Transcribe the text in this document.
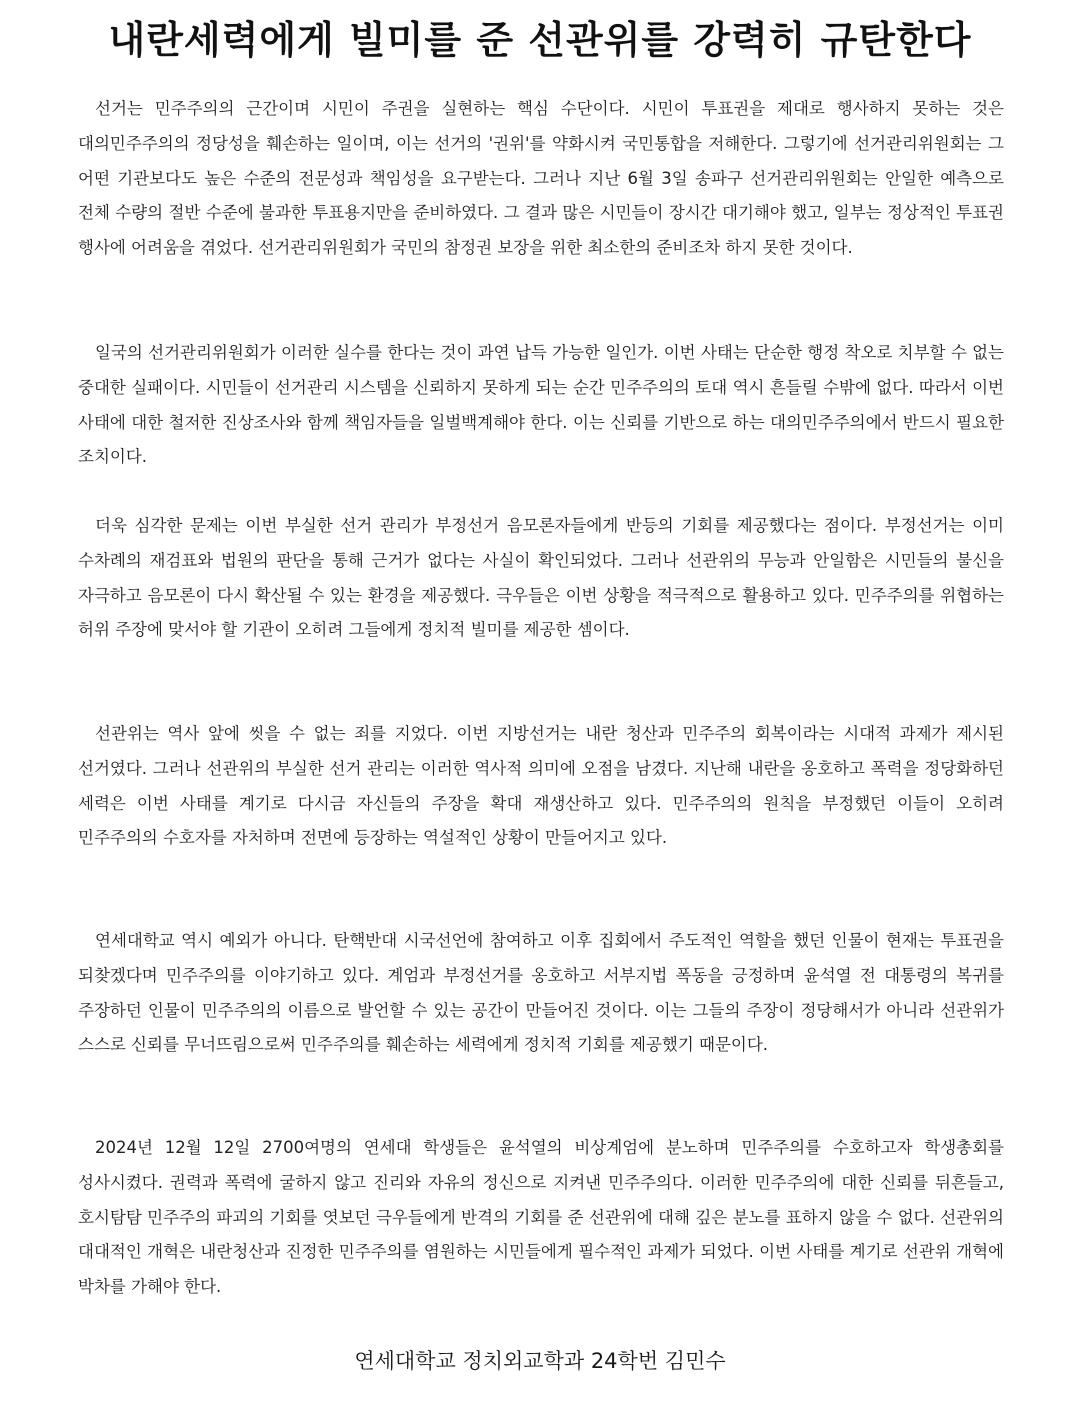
내란세력에게 빌미를 준 선관위를 강력히 규탄한다

선거는 민주주의의 근간이며 시민이 주권을 실현하는 핵심 수단이다. 시민이 투표권을 제대로 행사하지 못하는 것은 대의민주주의의 정당성을 훼손하는 일이며, 이는 선거의 '권위'를 약화시켜 국민통합을 저해한다. 그렇기에 선거관리위원회는 그 어떤 기관보다도 높은 수준의 전문성과 책임성을 요구받는다. 그러나 지난 6월 3일 송파구 선거관리위원회는 안일한 예측으로 전체 수량의 절반 수준에 불과한 투표용지만을 준비하였다. 그 결과 많은 시민들이 장시간 대기해야 했고, 일부는 정상적인 투표권 행사에 어려움을 겪었다. 선거관리위원회가 국민의 참정권 보장을 위한 최소한의 준비조차 하지 못한 것이다.

일국의 선거관리위원회가 이러한 실수를 한다는 것이 과연 납득 가능한 일인가. 이번 사태는 단순한 행정 착오로 치부할 수 없는 중대한 실패이다. 시민들이 선거관리 시스템을 신뢰하지 못하게 되는 순간 민주주의의 토대 역시 흔들릴 수밖에 없다. 따라서 이번 사태에 대한 철저한 진상조사와 함께 책임자들을 일벌백계해야 한다. 이는 신뢰를 기반으로 하는 대의민주주의에서 반드시 필요한 조치이다.

더욱 심각한 문제는 이번 부실한 선거 관리가 부정선거 음모론자들에게 반등의 기회를 제공했다는 점이다. 부정선거는 이미 수차례의 재검표와 법원의 판단을 통해 근거가 없다는 사실이 확인되었다. 그러나 선관위의 무능과 안일함은 시민들의 불신을 자극하고 음모론이 다시 확산될 수 있는 환경을 제공했다. 극우들은 이번 상황을 적극적으로 활용하고 있다. 민주주의를 위협하는 허위 주장에 맞서야 할 기관이 오히려 그들에게 정치적 빌미를 제공한 셈이다.

선관위는 역사 앞에 씻을 수 없는 죄를 지었다. 이번 지방선거는 내란 청산과 민주주의 회복이라는 시대적 과제가 제시된 선거였다. 그러나 선관위의 부실한 선거 관리는 이러한 역사적 의미에 오점을 남겼다. 지난해 내란을 옹호하고 폭력을 정당화하던 세력은 이번 사태를 계기로 다시금 자신들의 주장을 확대 재생산하고 있다. 민주주의의 원칙을 부정했던 이들이 오히려 민주주의의 수호자를 자처하며 전면에 등장하는 역설적인 상황이 만들어지고 있다.

연세대학교 역시 예외가 아니다. 탄핵반대 시국선언에 참여하고 이후 집회에서 주도적인 역할을 했던 인물이 현재는 투표권을 되찾겠다며 민주주의를 이야기하고 있다. 계엄과 부정선거를 옹호하고 서부지법 폭동을 긍정하며 윤석열 전 대통령의 복귀를 주장하던 인물이 민주주의의 이름으로 발언할 수 있는 공간이 만들어진 것이다. 이는 그들의 주장이 정당해서가 아니라 선관위가 스스로 신뢰를 무너뜨림으로써 민주주의를 훼손하는 세력에게 정치적 기회를 제공했기 때문이다.

2024년 12월 12일 2700여명의 연세대 학생들은 윤석열의 비상계엄에 분노하며 민주주의를 수호하고자 학생총회를 성사시켰다. 권력과 폭력에 굴하지 않고 진리와 자유의 정신으로 지켜낸 민주주의다. 이러한 민주주의에 대한 신뢰를 뒤흔들고, 호시탐탐 민주주의 파괴의 기회를 엿보던 극우들에게 반격의 기회를 준 선관위에 대해 깊은 분노를 표하지 않을 수 없다. 선관위의 대대적인 개혁은 내란청산과 진정한 민주주의를 염원하는 시민들에게 필수적인 과제가 되었다. 이번 사태를 계기로 선관위 개혁에 박차를 가해야 한다.

연세대학교 정치외교학과 24학번 김민수
